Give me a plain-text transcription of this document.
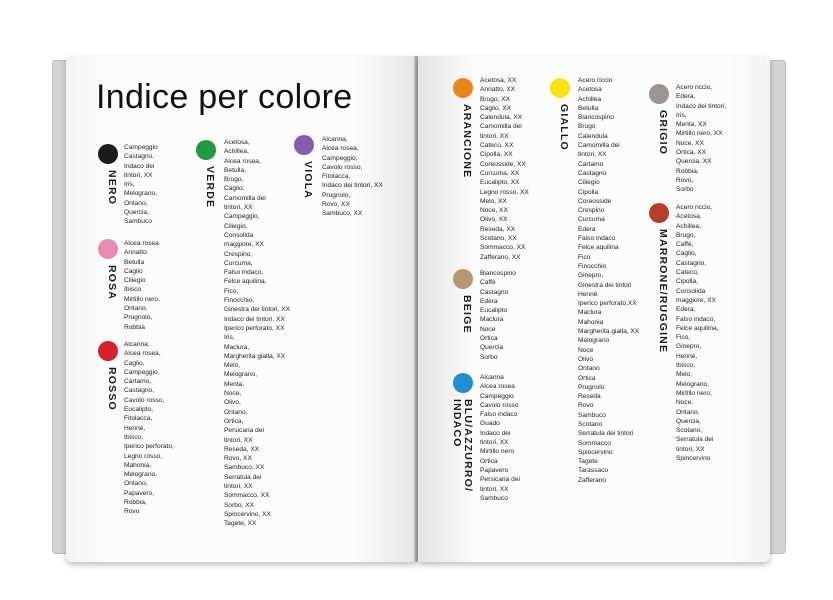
Indice per colore
NERO
Campeggio
Castagno,
Indaco dei
tintori, XX
Iris,
Melograno,
Ontano,
Quercia,
Sambuco
ROSA
Alcea rosea
Annatto
Betulla
Caglio
Ciliegio
Ibisco
Mirtillo nero,
Ontano,
Prugnolo,
Robbia
ROSSO
Alcanna,
Alcea rosea,
Caglio,
Campeggio,
Cartamo,
Castagno,
Cavolo rosso,
Eucalipto,
Fitolacca,
Hennè,
Ibisco,
Iperico perforato,
Legno rosso,
Mahonia,
Melograno,
Ontano,
Papavero,
Robbia,
Rovo
VERDE
Acetosa,
Achillea,
Alcea rosea,
Betulla,
Brugo,
Caglio,
Camomilla dei
tintori, XX
Campeggio,
Ciliegio,
Consolida
maggiore, XX
Crespino,
Curcuma,
Falso indaco,
Felce aquilina,
Fico,
Finocchio,
Ginestra dei tintori, XX
Indaco dei tintori, XX
Iperico perforato, XX
Iris,
Maclura,
Margherita gialla, XX
Melo,
Melograno,
Menta,
Noce,
Olivo,
Ontano,
Ortica,
Persicaria dei
tintori, XX
Reseda, XX
Rovo, XX
Sambuco, XX
Serratula dei
tintori, XX
Sommacco, XX
Sorbo, XX
Spincervino, XX
Tagete, XX
VIOLA
Alcanna,
Alcea rosea,
Campeggio,
Cavolo rosso,
Fitolacca,
Indaco dei tintori, XX
Prugnolo,
Rovo, XX
Sambuco, XX
ARANCIONE
Acetosa, XX
Annatto, XX
Brugo, XX
Caglio, XX
Calendula, XX
Camomilla dei
tintori, XX
Catecù, XX
Cipolla, XX
Coreosside, XX
Curcuma, XX
Eucalipto, XX
Legno rosso, XX
Melo, XX
Noce, XX
Olivo, XX
Reseda, XX
Scotano, XX
Sommacco, XX
Zafferano, XX
BEIGE
Biancospino
Caffè
Castagno
Edera
Eucalipto
Maclura
Noce
Ortica
Quercia
Sorbo
BLU/AZZURRO/
INDACO
Alcanna
Alcea rosea
Campeggio
Cavolo rosso
Falso indaco
Guado
Indaco dei
tintori, XX
Mirtillo nero
Ortica
Papavero
Persicaria dei
tintori, XX
Sambuco
GIALLO
Acero riccio
Acetosa
Achillea
Betulla
Biancospino
Brugo
Calendula
Camomilla dei
tintori, XX
Cartamo
Castagno
Ciliegio
Cipolla
Coreosside
Crespino
Curcuma
Edera
Falso indaco
Felce aquilina
Fico
Finocchio
Ginepro,
Ginestra dei tintori
Hennè
Iperico perforato,XX
Maclura
Mahonia
Margherita gialla, XX
Melograno
Noce
Olivo
Ontano
Ortica
Prugnolo
Reseda
Rovo
Sambuco
Scotano
Serratula dei tintori
Sommacco
Spincervino
Tagete
Tarassaco
Zafferano
GRIGIO
Acero riccio,
Edera,
Indaco dei tintori,
Iris,
Menta, XX
Mirtillo nero, XX
Noce, XX
Ortica, XX
Quercia, XX
Robbia,
Rovo,
Sorbo
MARRONE/RUGGINE
Acero riccio,
Acetosa,
Achillea,
Brugo,
Caffè,
Caglio,
Castagno,
Catecù,
Cipolla,
Consolida
maggiore, XX
Edera,
Falso indaco,
Felce aquilina,
Fico,
Ginepro,
Hennè,
Ibisco,
Melo,
Melograno,
Mirtillo nero,
Noce,
Ontano,
Quercia,
Scotano,
Serratula dei
tintori, XX
Spincervino
